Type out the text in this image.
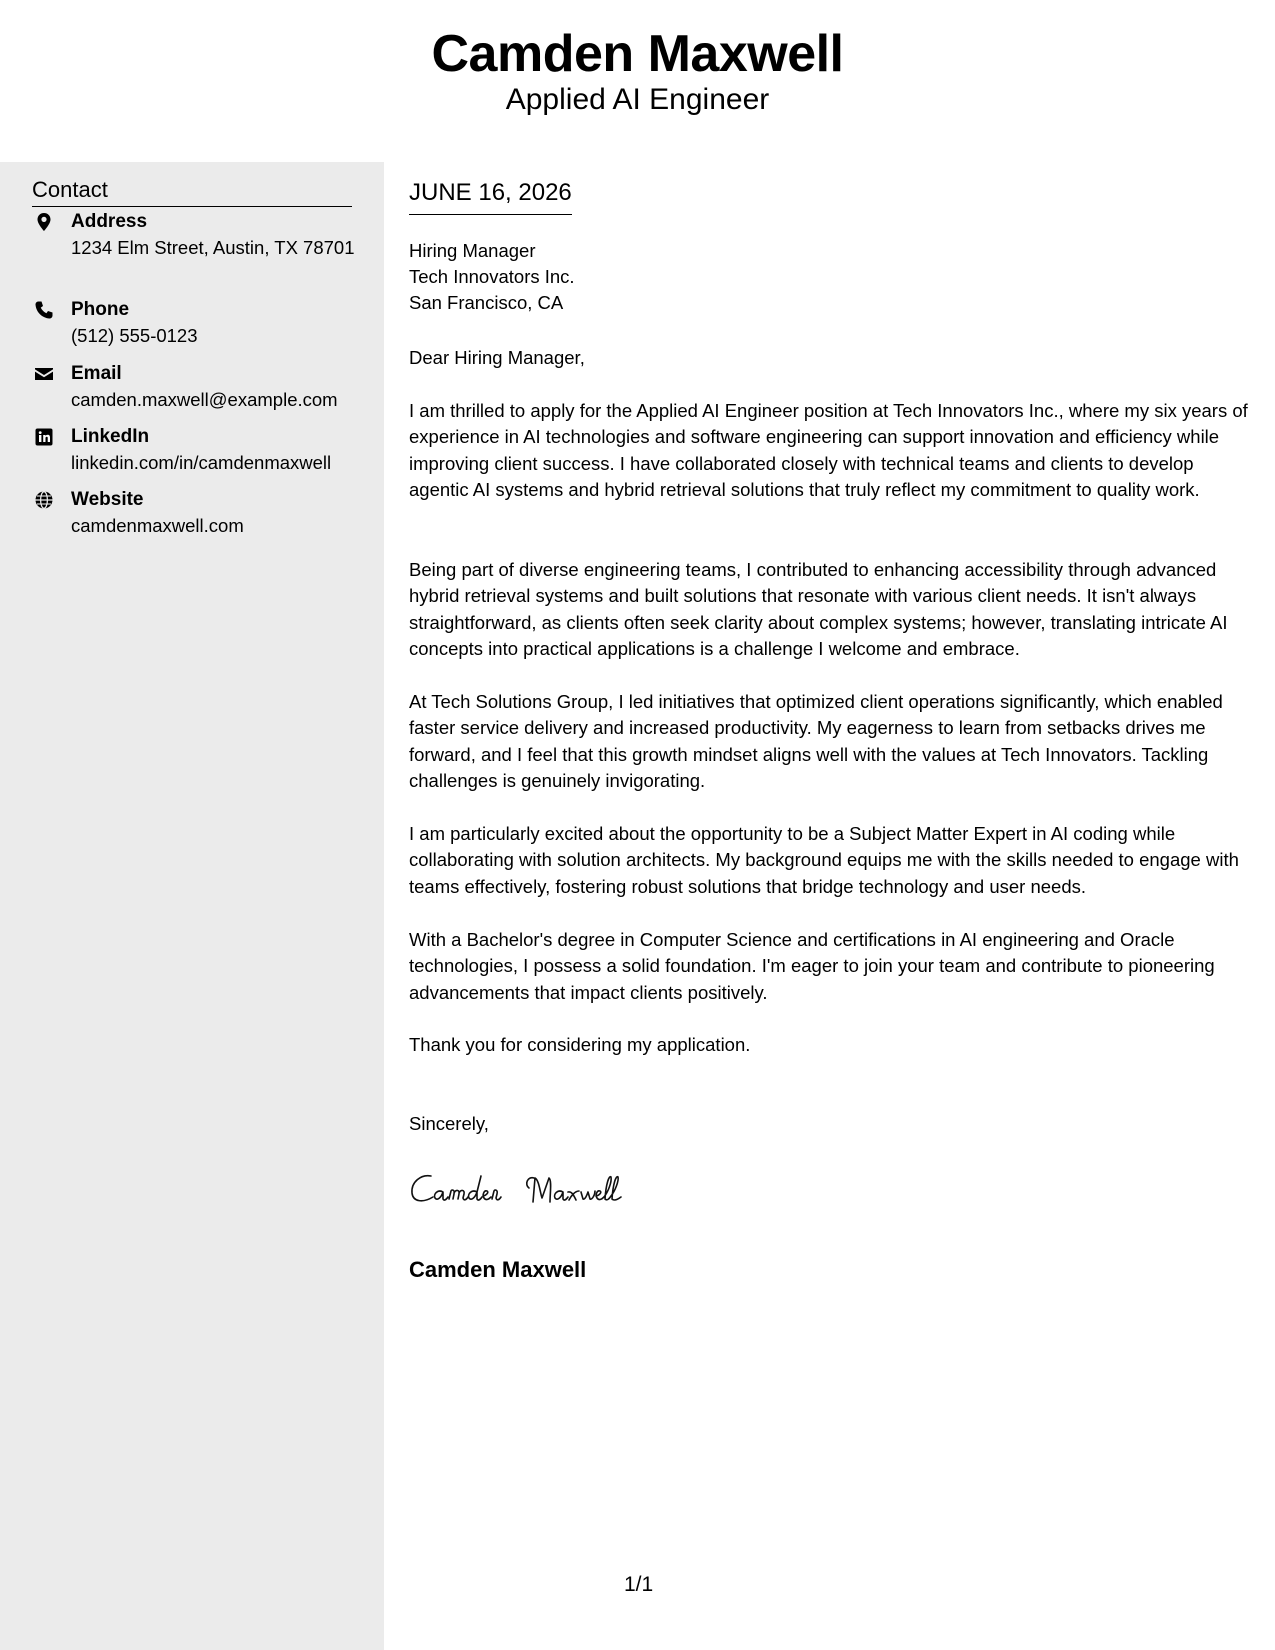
Camden Maxwell
Applied AI Engineer
Contact
Address
1234 Elm Street, Austin, TX 78701
Phone
(512) 555-0123
Email
camden.maxwell@example.com
LinkedIn
linkedin.com/in/camdenmaxwell
Website
camdenmaxwell.com
JUNE 16, 2026
Hiring Manager
Tech Innovators Inc.
San Francisco, CA
Dear Hiring Manager,
I am thrilled to apply for the Applied AI Engineer position at Tech Innovators Inc., where my six years of experience in AI technologies and software engineering can support innovation and efficiency while improving client success. I have collaborated closely with technical teams and clients to develop agentic AI systems and hybrid retrieval solutions that truly reflect my commitment to quality work.
Being part of diverse engineering teams, I contributed to enhancing accessibility through advanced hybrid retrieval systems and built solutions that resonate with various client needs. It isn't always straightforward, as clients often seek clarity about complex systems; however, translating intricate AI concepts into practical applications is a challenge I welcome and embrace.
At Tech Solutions Group, I led initiatives that optimized client operations significantly, which enabled faster service delivery and increased productivity. My eagerness to learn from setbacks drives me forward, and I feel that this growth mindset aligns well with the values at Tech Innovators. Tackling challenges is genuinely invigorating.
I am particularly excited about the opportunity to be a Subject Matter Expert in AI coding while collaborating with solution architects. My background equips me with the skills needed to engage with teams effectively, fostering robust solutions that bridge technology and user needs.
With a Bachelor's degree in Computer Science and certifications in AI engineering and Oracle technologies, I possess a solid foundation. I'm eager to join your team and contribute to pioneering advancements that impact clients positively.
Thank you for considering my application.
Sincerely,
Camden Maxwell
1/1
